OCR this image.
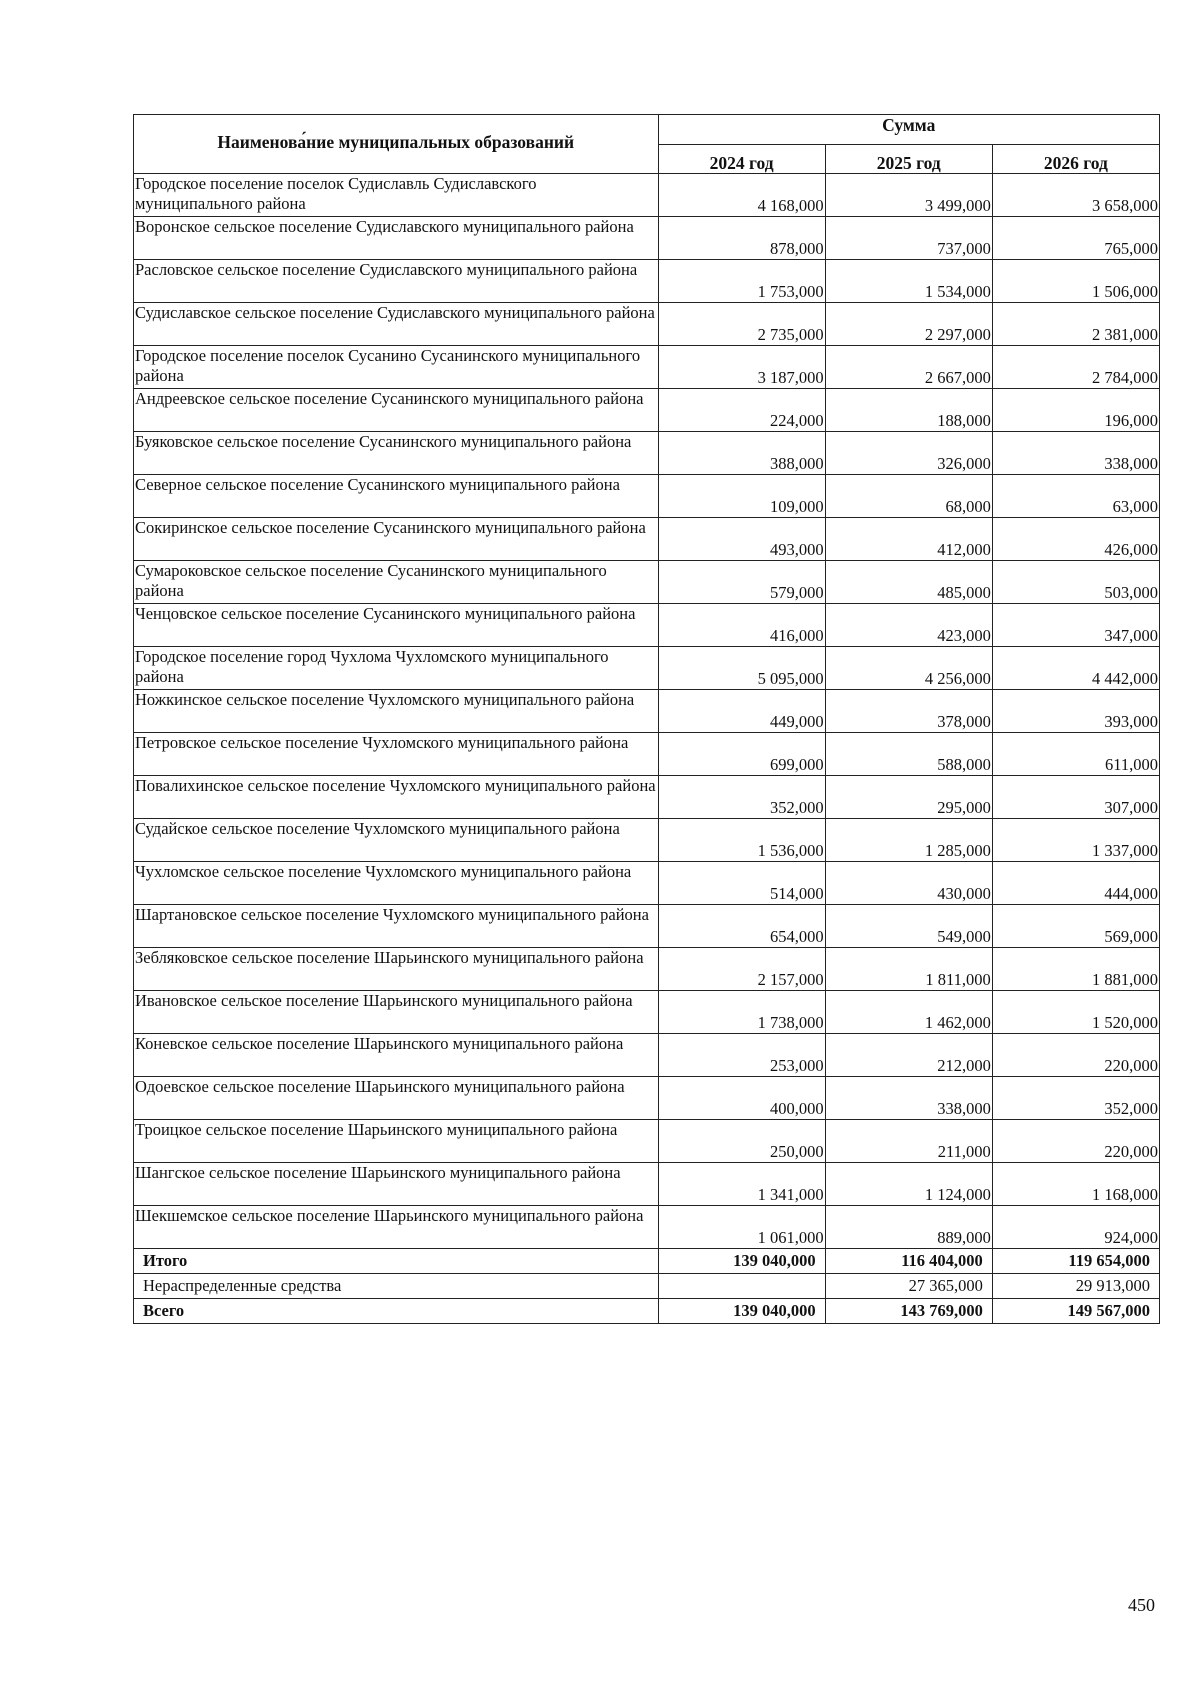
Наименова́ние муниципальных образований	Сумма		
	2024 год	2025 год	2026 год
Городское поселение поселок Судиславль Судиславского муниципального района	4 168,000	3 499,000	3 658,000
Воронское сельское поселение Судиславского муниципального района	878,000	737,000	765,000
Расловское сельское поселение Судиславского муниципального района	1 753,000	1 534,000	1 506,000
Судиславское сельское поселение Судиславского муниципального района	2 735,000	2 297,000	2 381,000
Городское поселение поселок Сусанино Сусанинского муниципального района	3 187,000	2 667,000	2 784,000
Андреевское сельское поселение Сусанинского муниципального района	224,000	188,000	196,000
Буяковское сельское поселение Сусанинского муниципального района	388,000	326,000	338,000
Северное сельское поселение Сусанинского муниципального района	109,000	68,000	63,000
Сокиринское сельское поселение Сусанинского муниципального района	493,000	412,000	426,000
Сумароковское сельское поселение Сусанинского муниципального района	579,000	485,000	503,000
Ченцовское сельское поселение Сусанинского муниципального района	416,000	423,000	347,000
Городское поселение город Чухлома Чухломского муниципального района	5 095,000	4 256,000	4 442,000
Ножкинское сельское поселение Чухломского муниципального района	449,000	378,000	393,000
Петровское сельское поселение Чухломского муниципального района	699,000	588,000	611,000
Повалихинское сельское поселение Чухломского муниципального района	352,000	295,000	307,000
Судайское сельское поселение Чухломского муниципального района	1 536,000	1 285,000	1 337,000
Чухломское сельское поселение Чухломского муниципального района	514,000	430,000	444,000
Шартановское сельское поселение Чухломского муниципального района	654,000	549,000	569,000
Зебляковское сельское поселение Шарьинского муниципального района	2 157,000	1 811,000	1 881,000
Ивановское сельское поселение Шарьинского муниципального района	1 738,000	1 462,000	1 520,000
Коневское сельское поселение Шарьинского муниципального района	253,000	212,000	220,000
Одоевское сельское поселение Шарьинского муниципального района	400,000	338,000	352,000
Троицкое сельское поселение Шарьинского муниципального района	250,000	211,000	220,000
Шангское сельское поселение Шарьинского муниципального района	1 341,000	1 124,000	1 168,000
Шекшемское сельское поселение Шарьинского муниципального района	1 061,000	889,000	924,000
Итого	139 040,000	116 404,000	119 654,000
Нераспределенные средства		27 365,000	29 913,000
Всего	139 040,000	143 769,000	149 567,000
450
